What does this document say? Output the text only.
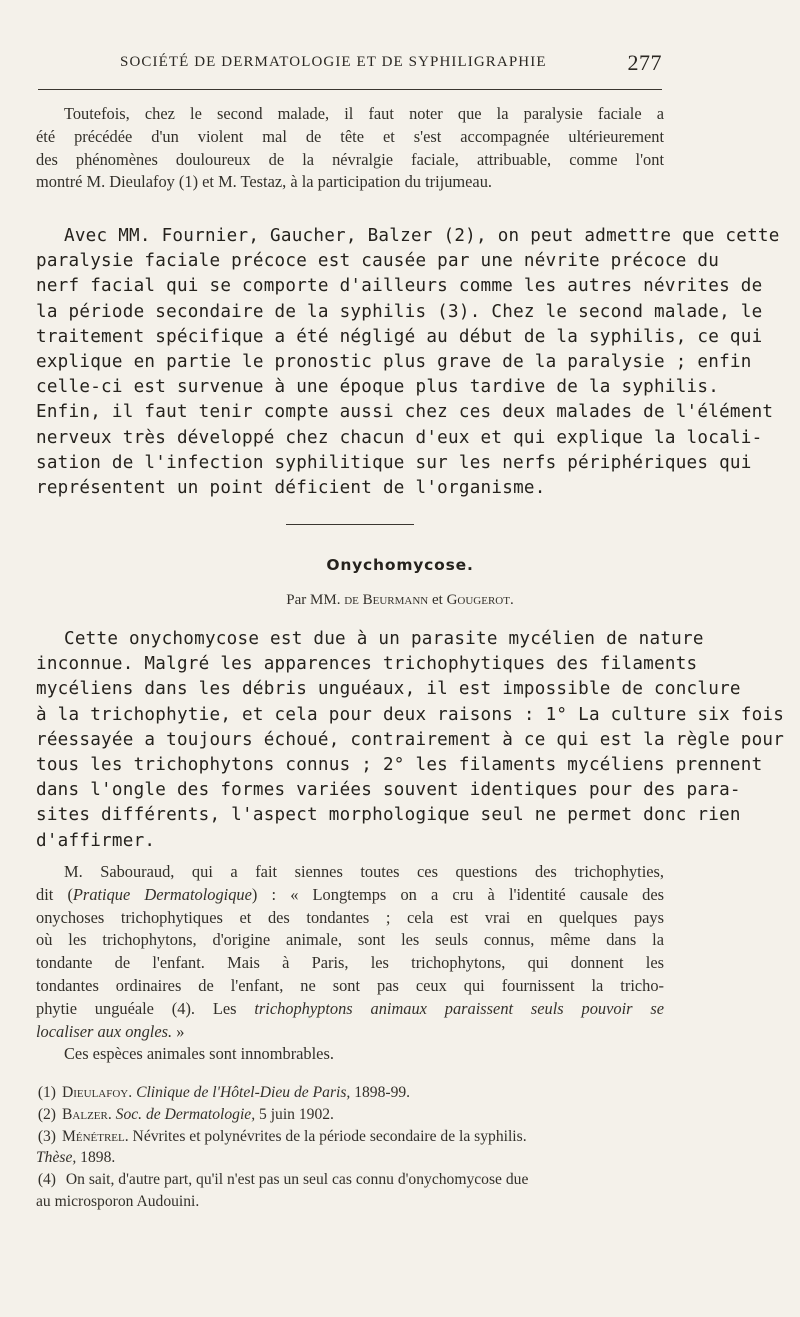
SOCIÉTÉ DE DERMATOLOGIE ET DE SYPHILIGRAPHIE	277
Toutefois, chez le second malade, il faut noter que la paralysie faciale a
été précédée d'un violent mal de tête et s'est accompagnée ultérieurement
des phénomènes douloureux de la névralgie faciale, attribuable, comme l'ont
montré M. Dieulafoy (1) et M. Testaz, à la participation du trijumeau.
Avec MM. Fournier, Gaucher, Balzer (2), on peut admettre que cette
paralysie faciale précoce est causée par une névrite précoce du
nerf facial qui se comporte d'ailleurs comme les autres névrites de
la période secondaire de la syphilis (3). Chez le second malade, le
traitement spécifique a été négligé au début de la syphilis, ce qui
explique en partie le pronostic plus grave de la paralysie ; enfin
celle-ci est survenue à une époque plus tardive de la syphilis.
Enfin, il faut tenir compte aussi chez ces deux malades de l'élément
nerveux très développé chez chacun d'eux et qui explique la locali-
sation de l'infection syphilitique sur les nerfs périphériques qui
représentent un point déficient de l'organisme.
Onychomycose.
Par MM. de Beurmann et Gougerot.
Cette onychomycose est due à un parasite mycélien de nature
inconnue. Malgré les apparences trichophytiques des filaments
mycéliens dans les débris unguéaux, il est impossible de conclure
à la trichophytie, et cela pour deux raisons : 1° La culture six fois
réessayée a toujours échoué, contrairement à ce qui est la règle pour
tous les trichophytons connus ; 2° les filaments mycéliens prennent
dans l'ongle des formes variées souvent identiques pour des para-
sites différents, l'aspect morphologique seul ne permet donc rien
d'affirmer.
M. Sabouraud, qui a fait siennes toutes ces questions des trichophyties,
dit (Pratique Dermatologique) : « Longtemps on a cru à l'identité causale des
onychoses trichophytiques et des tondantes ; cela est vrai en quelques pays
où les trichophytons, d'origine animale, sont les seuls connus, même dans la
tondante de l'enfant. Mais à Paris, les trichophytons, qui donnent les
tondantes ordinaires de l'enfant, ne sont pas ceux qui fournissent la tricho-
phytie unguéale (4). Les trichophyptons animaux paraissent seuls pouvoir se
localiser aux ongles. »
Ces espèces animales sont innombrables.
(1) Dieulafoy. Clinique de l'Hôtel-Dieu de Paris, 1898-99.
(2) Balzer. Soc. de Dermatologie, 5 juin 1902.
(3) Ménétrel. Névrites et polynévrites de la période secondaire de la syphilis.
Thèse, 1898.
(4) On sait, d'autre part, qu'il n'est pas un seul cas connu d'onychomycose due
au microsporon Audouini.
